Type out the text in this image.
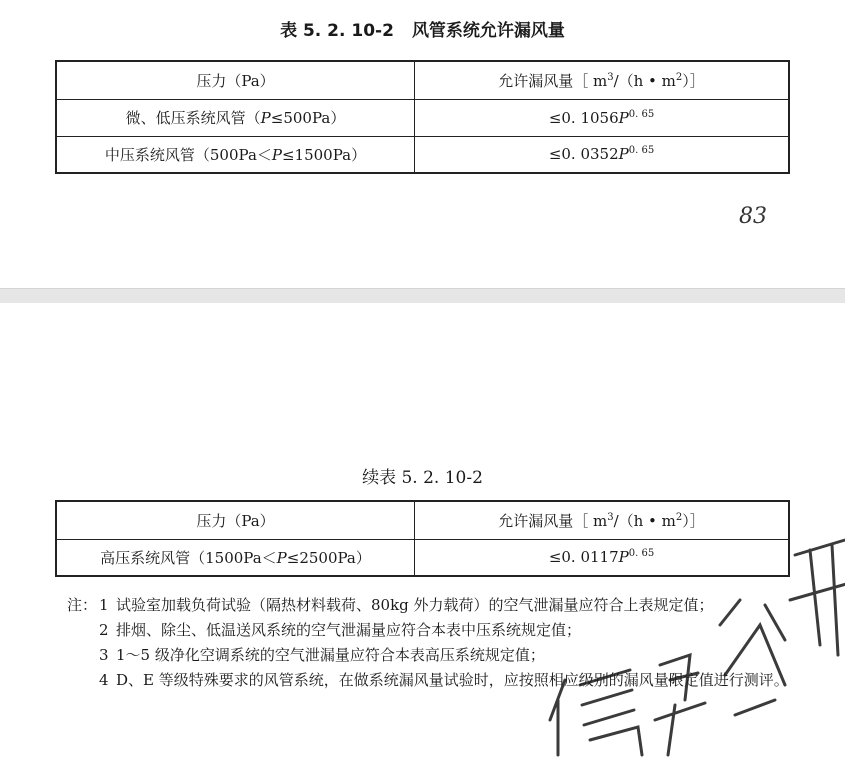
表 5. 2. 10-2 风管系统允许漏风量
压力（Pa）	允许漏风量［ $m^3/(h$ • $m^2)]$
微、低压系统风管（P≤500Pa）	≤0. $1056P^{0. 65}$
中压系统风管（500Pa＜P≤1500Pa）	≤0. $0352P^{0. 65}$
83
续表 5. 2. 10-2
压力（Pa）	允许漏风量［ $m^3/(h$ • $m^2)]$
高压系统风管（1500Pa＜P≤2500Pa）	≤0. $0117P^{0. 65}$
注： 1 试验室加载负荷试验（隔热材料载荷、80kg 外力载荷）的空气泄漏量应符合上表规定值；
2 排烟、除尘、低温送风系统的空气泄漏量应符合本表中压系统规定值；
3 1～5 级净化空调系统的空气泄漏量应符合本表高压系统规定值；
4 D、E 等级特殊要求的风管系统，在做系统漏风量试验时，应按照相应级别的漏风量限定值进行测评。
